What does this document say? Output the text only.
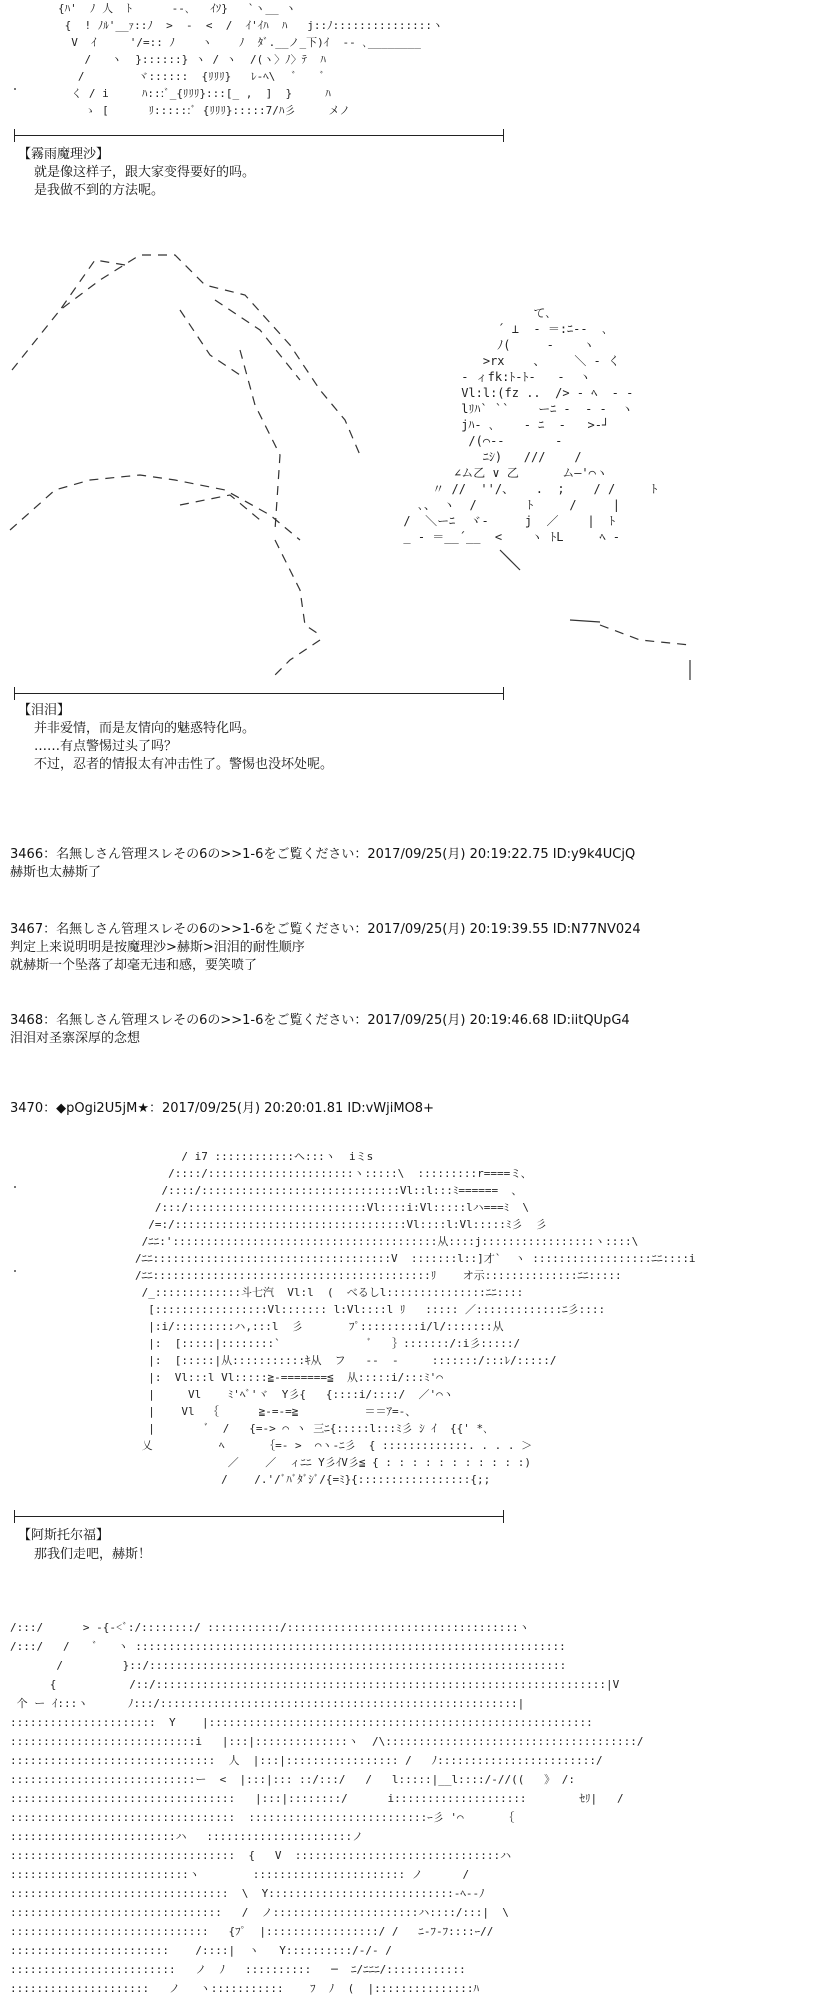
{ﾊ'  ﾉ 人  ﾄ      --､   ｲｿ}   `ヽ__ ヽ
{  ! ﾉﾙ'__ｧ::ﾉ  >  -  <  /  ｲ'ｲﾊ  ﾊ   j::ﾉ:::::::::::::::ヽ
V  ｲ     '/=:: ﾉ    ヽ    ﾉ  ﾀﾞ.__ノ_下)ｲ  -- ､________
/   ヽ  }::::::} ヽ / ヽ  /(ヽ〉ﾉ〉ﾃ  ﾊ
/        ヾ::::::  {ﾘﾘﾘ}   ﾚ-ﾍ\   ﾞ    ﾞ
く / i     ﾊ:::ﾞ_{ﾘﾘﾘ}:::[_ ,  ]  }     ﾊ
ゝ [      ﾘ::::::ﾞ {ﾘﾘﾘ}:::::7/ﾊ彡     メノ
【霧雨魔理沙】
就是像这样子，跟大家变得要好的吗。
是我做不到的方法呢。
て､
´ ⊥  ‐ ＝:ﾆ-‐  ､
ﾉ(     ‐    ヽ
>rx    、    ＼ ‐ く
‐ ィfk:ﾄ-ﾄ-   ‐  ヽ
Vl:l:(fz ..  /> ‐ ﾍ  ‐ ‐
lﾘﾊ` ``    ーﾆ -  ‐ ‐  ヽ
jﾊ- ､    ‐ ﾆ  ‐   >‐┘
/(⌒-‐       ‐
ﾆｼ)   ///    /
∠ム乙 ∨ 乙      ム―'⌒ヽ
〃 //  ''/、   .  ;    / /     ﾄ
､、 ヽ  /       ﾄ     /     |
/  ＼ーﾆ  ヾ‐     j  ／    |  ﾄ
_ ‐ ＝__´__  <    ヽ ﾄL     ﾍ ‐
【泪泪】
并非爱情，而是友情向的魅惑特化吗。
……有点警惕过头了吗？
不过，忍者的情报太有冲击性了。警惕也没坏处呢。
3466：名無しさん管理スレその6の>>1-6をご覧ください：2017/09/25(月) 20:19:22.75 ID:y9k4UCjQ
赫斯也太赫斯了
3467：名無しさん管理スレその6の>>1-6をご覧ください：2017/09/25(月) 20:19:39.55 ID:N77NV024
判定上来说明明是按魔理沙>赫斯>泪泪的耐性顺序
就赫斯一个坠落了却毫无违和感，要笑喷了
3468：名無しさん管理スレその6の>>1-6をご覧ください：2017/09/25(月) 20:19:46.68 ID:iitQUpG4
泪泪对圣寨深厚的念想
3470：◆pOgi2U5jM★：2017/09/25(月) 20:20:01.81 ID:vWjiMO8+
/ i7 ::::::::::::ヘ:::ヽ  iミs
/::::/::::::::::::::::::::::ヽ:::::\  :::::::::r====ミ、
/::::/::::::::::::::::::::::::::::::Vl::l:::ﾐ======  、
/:::/:::::::::::::::::::::::::::Vl::::i:Vl:::::lハ===ﾐ  \
/=:/:::::::::::::::::::::::::::::::::::Vl::::l:Vl:::::ﾐ彡  彡
/ﾆﾆ:'::::::::::::::::::::::::::::::::::::::::从::::j:::::::::::::::::ヽ::::\
/ﾆﾆ::::::::::::::::::::::::::::::::::::V  :::::::l::]才`  ヽ ::::::::::::::::::ﾆﾆ::::i
/ﾆﾆ::::::::::::::::::::::::::::::::::::::::::ﾘ    オ示::::::::::::::ﾆﾆ:::::
/_:::::::::::::斗七汽  Vl:l  (  べるしl:::::::::::::::ﾆﾆ::::
[:::::::::::::::::Vl::::::: l:Vl::::l ﾘ   ::::: ／:::::::::::::ﾆ彡::::
|:i/:::::::::ハ,:::l  彡       ﾌﾟ:::::::::i/l/:::::::从
|:  [:::::|::::::::`             ﾞ   ｝:::::::/:i彡:::::/
|:  [:::::|从:::::::::::ｷ从  フ   ‐‐  ‐     :::::::/:::ﾚ/:::::/
|:  Vl:::l Vl:::::≧-=======≦  从:::::i/:::ﾐ'⌒
|     Vl    ﾐ'ﾍﾞ'ヾ  Y彡{   {::::i/::::/  ／'⌒ヽ
|    Vl  ｛      ≧-=-=≧          ＝＝ｱ=‐、
|        ﾞ  /   {=-> ⌒ ヽ 三ﾆ{:::::l:::ﾐ彡 ｼ ｲ  {{' *､
乂          ﾍ      ｛=- >  ⌒ヽ-ﾆ彡  { :::::::::::::. . . . ＞
／    ／  ィﾆﾆ Y彡ｲV彡≦ { : : : : : : : : : : :)
/    /.'/ﾞﾊﾞﾀﾞｼﾞ/{=ﾐ}{:::::::::::::::::{;;
【阿斯托尔福】
那我们走吧，赫斯！
/:::/      > ‐{‐<ﾞ:/::::::::/ :::::::::::/:::::::::::::::::::::::::::::::::::ヽ
/:::/   /    ﾞ   ヽ :::::::::::::::::::::::::::::::::::::::::::::::::::::::::::::::::
/         }::/:::::::::::::::::::::::::::::::::::::::::::::::::::::::::::::::
{           /::/::::::::::::::::::::::::::::::::::::::::::::::::::::::::::::::::::::|V
个 ー ｲ:::ヽ      ﾉ:::/::::::::::::::::::::::::::::::::::::::::::::::::::::::|
::::::::::::::::::::::  Y    |::::::::::::::::::::::::::::::::::::::::::::::::::::::::::
::::::::::::::::::::::::::::i   |:::|::::::::::::::ヽ  /\::::::::::::::::::::::::::::::::::::::/
:::::::::::::::::::::::::::::::  人  |:::|::::::::::::::::: /   ﾉ::::::::::::::::::::::::/
::::::::::::::::::::::::::::ー  <  |:::|::: ::/:::/   /   l:::::|__l::::/-//((   》 /:
::::::::::::::::::::::::::::::::::   |:::|::::::::/      i::::::::::::::::::::        ｾﾘ|   /
::::::::::::::::::::::::::::::::::  :::::::::::::::::::::::::::ｰ彡 '⌒      ｛
:::::::::::::::::::::::::ハ   ::::::::::::::::::::::ノ
::::::::::::::::::::::::::::::::::  {   V  :::::::::::::::::::::::::::::::ハ
:::::::::::::::::::::::::::ヽ        ::::::::::::::::::::::: ノ      /
:::::::::::::::::::::::::::::::::  \  Y::::::::::::::::::::::::::::-ﾍ‐-ﾉ
::::::::::::::::::::::::::::::::   /  ノ::::::::::::::::::::::ハ::::/:::|  \
::::::::::::::::::::::::::::::   {ﾌﾟ  |:::::::::::::::::/ /   ﾆ‐ﾌ‐ﾌ::::ｰ//
::::::::::::::::::::::::    /::::|  ヽ   Y::::::::::/‐/‐ /
:::::::::::::::::::::::::   ノ  ﾉ   ::::::::::   ─  ﾆ/ﾆﾆﾆ/::::::::::::
:::::::::::::::::::::   ノ   ヽ:::::::::::    ﾌ  ﾉ  (  |:::::::::::::::ﾊ
